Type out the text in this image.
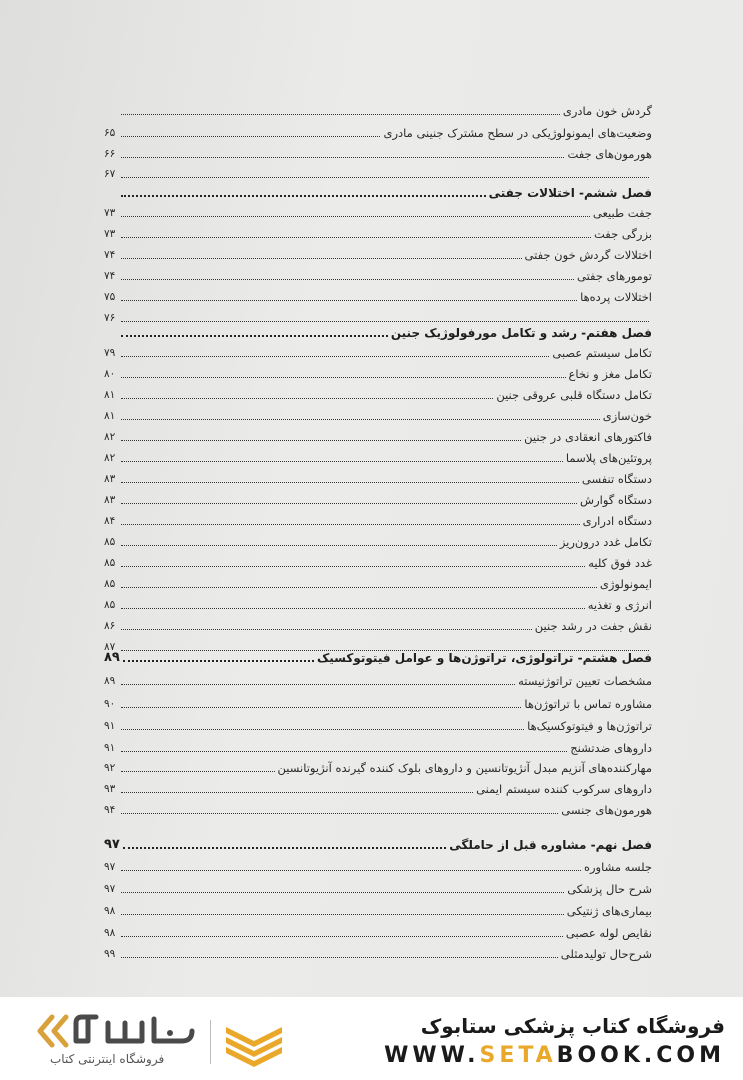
گردش خون مادری
وضعیت‌های ایمونولوژیکی در سطح مشترک جنینی مادری
۶۵
هورمون‌های جفت
۶۶
۶۷
فصل ششم- اختلالات جفتی
جفت طبیعی
۷۳
بزرگی جفت
۷۳
اختلالات گردش خون جفتی
۷۴
تومورهای جفتی
۷۴
اختلالات پرده‌ها
۷۵
۷۶
فصل هفتم- رشد و تکامل مورفولوژیک جنین
تکامل سیستم عصبی
۷۹
تکامل مغز و نخاع
۸۰
تکامل دستگاه قلبی عروقی جنین
۸۱
خون‌سازی
۸۱
فاکتورهای انعقادی در جنین
۸۲
پروتئین‌های پلاسما
۸۲
دستگاه تنفسی
۸۳
دستگاه گوارش
۸۳
دستگاه ادراری
۸۴
تکامل غدد درون‌ریز
۸۵
غدد فوق کلیه
۸۵
ایمونولوژی
۸۵
انرژی و تغذیه
۸۵
نقش جفت در رشد جنین
۸۶
۸۷
فصل هشتم- تراتولوژی، تراتوژن‌ها و عوامل فیتوتوکسیک
۸۹
مشخصات تعیین تراتوژنیسته
۸۹
مشاوره تماس با تراتوژن‌ها
۹۰
تراتوژن‌ها و فیتوتوکسیک‌ها
۹۱
داروهای ضدتشنج
۹۱
مهارکننده‌های آنزیم مبدل آنژیوتانسین و داروهای بلوک کننده گیرنده آنژیوتانسین
۹۲
داروهای سرکوب کننده سیستم ایمنی
۹۳
هورمون‌های جنسی
۹۴
فصل نهم- مشاوره قبل از حاملگی
۹۷
جلسه مشاوره
۹۷
شرح حال پزشکی
۹۷
بیماری‌های ژنتیکی
۹۸
نقایص لوله عصبی
۹۸
شرح‌حال تولیدمثلی
۹۹
فروشگاه اینترنتی کتاب
فروشگاه کتاب پزشکی ستابوک
WWW.SETABOOK.COM
